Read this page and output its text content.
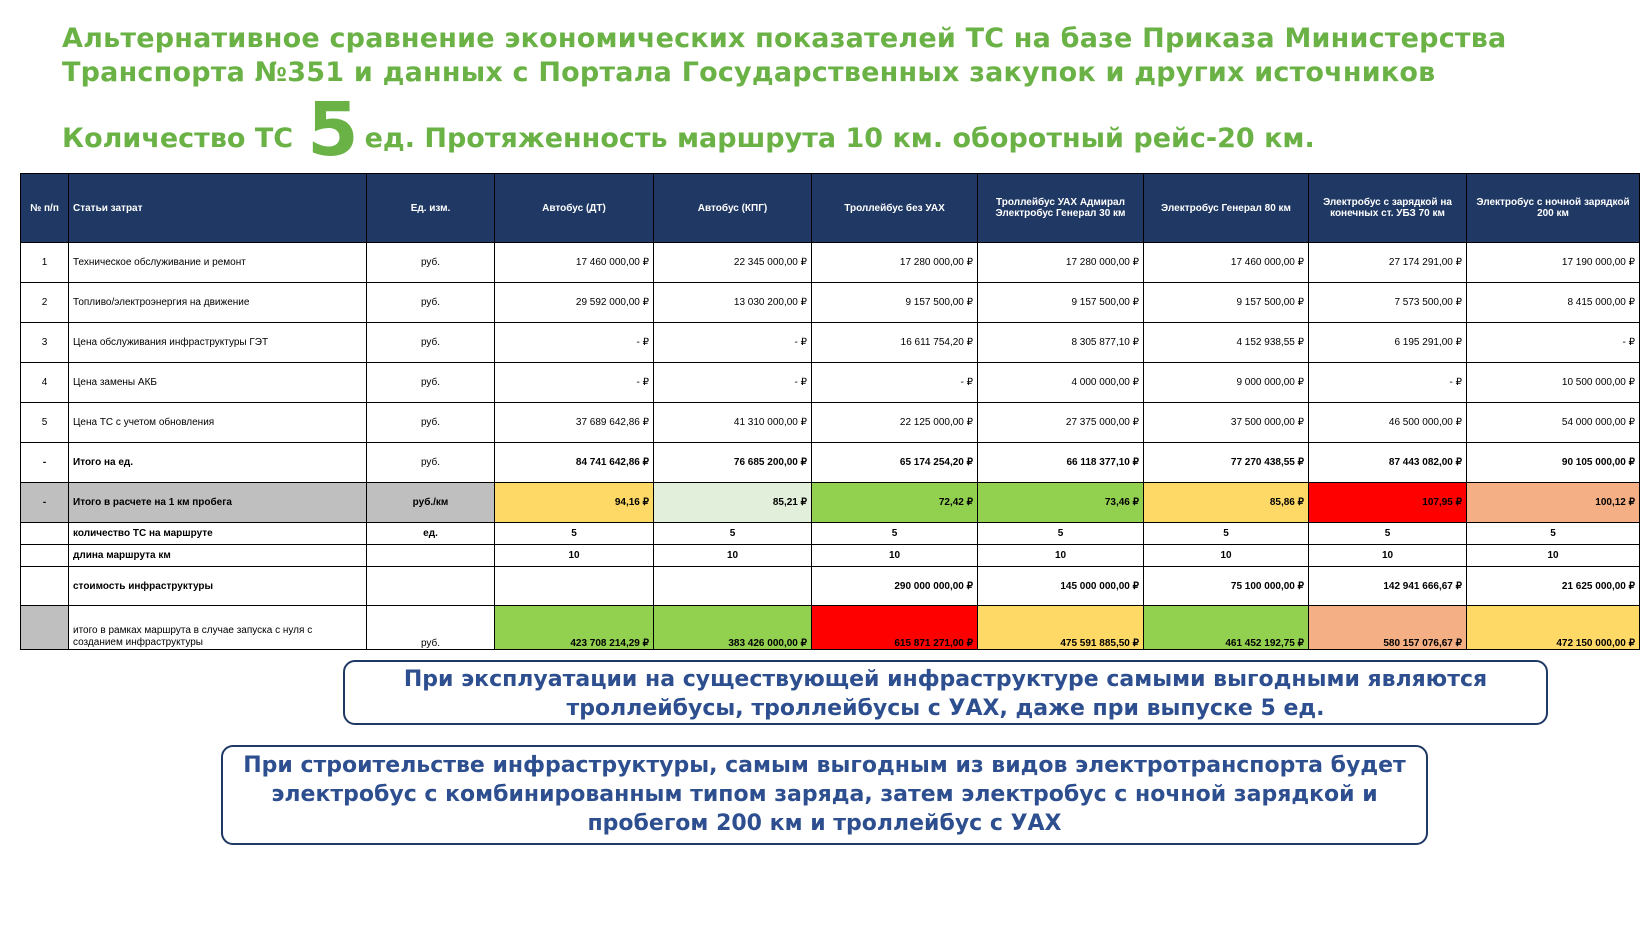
Альтернативное сравнение экономических показателей ТС на базе Приказа Министерства Транспорта №351 и данных с Портала Государственных закупок и других источников
Количество ТС 5 ед. Протяженность маршрута 10 км. оборотный рейс-20 км.
№ п/п	Статьи затрат	Ед. изм.	Автобус (ДТ)	Автобус (КПГ)	Троллейбус без УАХ	Троллейбус УАХ Адмирал Электробус Генерал 30 км	Электробус Генерал 80 км	Электробус с зарядкой на конечных ст. УБЗ 70 км	Электробус с ночной зарядкой 200 км
1	Техническое обслуживание и ремонт	руб.	17 460 000,00 ₽	22 345 000,00 ₽	17 280 000,00 ₽	17 280 000,00 ₽	17 460 000,00 ₽	27 174 291,00 ₽	17 190 000,00 ₽
2	Топливо/электроэнергия на движение	руб.	29 592 000,00 ₽	13 030 200,00 ₽	9 157 500,00 ₽	9 157 500,00 ₽	9 157 500,00 ₽	7 573 500,00 ₽	8 415 000,00 ₽
3	Цена обслуживания инфраструктуры ГЭТ	руб.	- ₽	- ₽	16 611 754,20 ₽	8 305 877,10 ₽	4 152 938,55 ₽	6 195 291,00 ₽	- ₽
4	Цена замены АКБ	руб.	- ₽	- ₽	- ₽	4 000 000,00 ₽	9 000 000,00 ₽	- ₽	10 500 000,00 ₽
5	Цена ТС с учетом обновления	руб.	37 689 642,86 ₽	41 310 000,00 ₽	22 125 000,00 ₽	27 375 000,00 ₽	37 500 000,00 ₽	46 500 000,00 ₽	54 000 000,00 ₽
-	Итого на ед.	руб.	84 741 642,86 ₽	76 685 200,00 ₽	65 174 254,20 ₽	66 118 377,10 ₽	77 270 438,55 ₽	87 443 082,00 ₽	90 105 000,00 ₽
-	Итого в расчете на 1 км пробега	руб./км	94,16 ₽	85,21 ₽	72,42 ₽	73,46 ₽	85,86 ₽	107,95 ₽	100,12 ₽
	количество ТС на маршруте	ед.	5	5	5	5	5	5	5
	длина маршрута км		10	10	10	10	10	10	10
	стоимость инфраструктуры				290 000 000,00 ₽	145 000 000,00 ₽	75 100 000,00 ₽	142 941 666,67 ₽	21 625 000,00 ₽
	итого в рамках маршрута в случае запуска с нуля с созданием инфраструктуры	руб.	423 708 214,29 ₽	383 426 000,00 ₽	615 871 271,00 ₽	475 591 885,50 ₽	461 452 192,75 ₽	580 157 076,67 ₽	472 150 000,00 ₽
При эксплуатации на существующей инфраструктуре самыми выгодными являются троллейбусы, троллейбусы с УАХ, даже при выпуске 5 ед.
При строительстве инфраструктуры, самым выгодным из видов электротранспорта будет электробус с комбинированным типом заряда, затем электробус с ночной зарядкой и пробегом 200 км и троллейбус с УАХ
